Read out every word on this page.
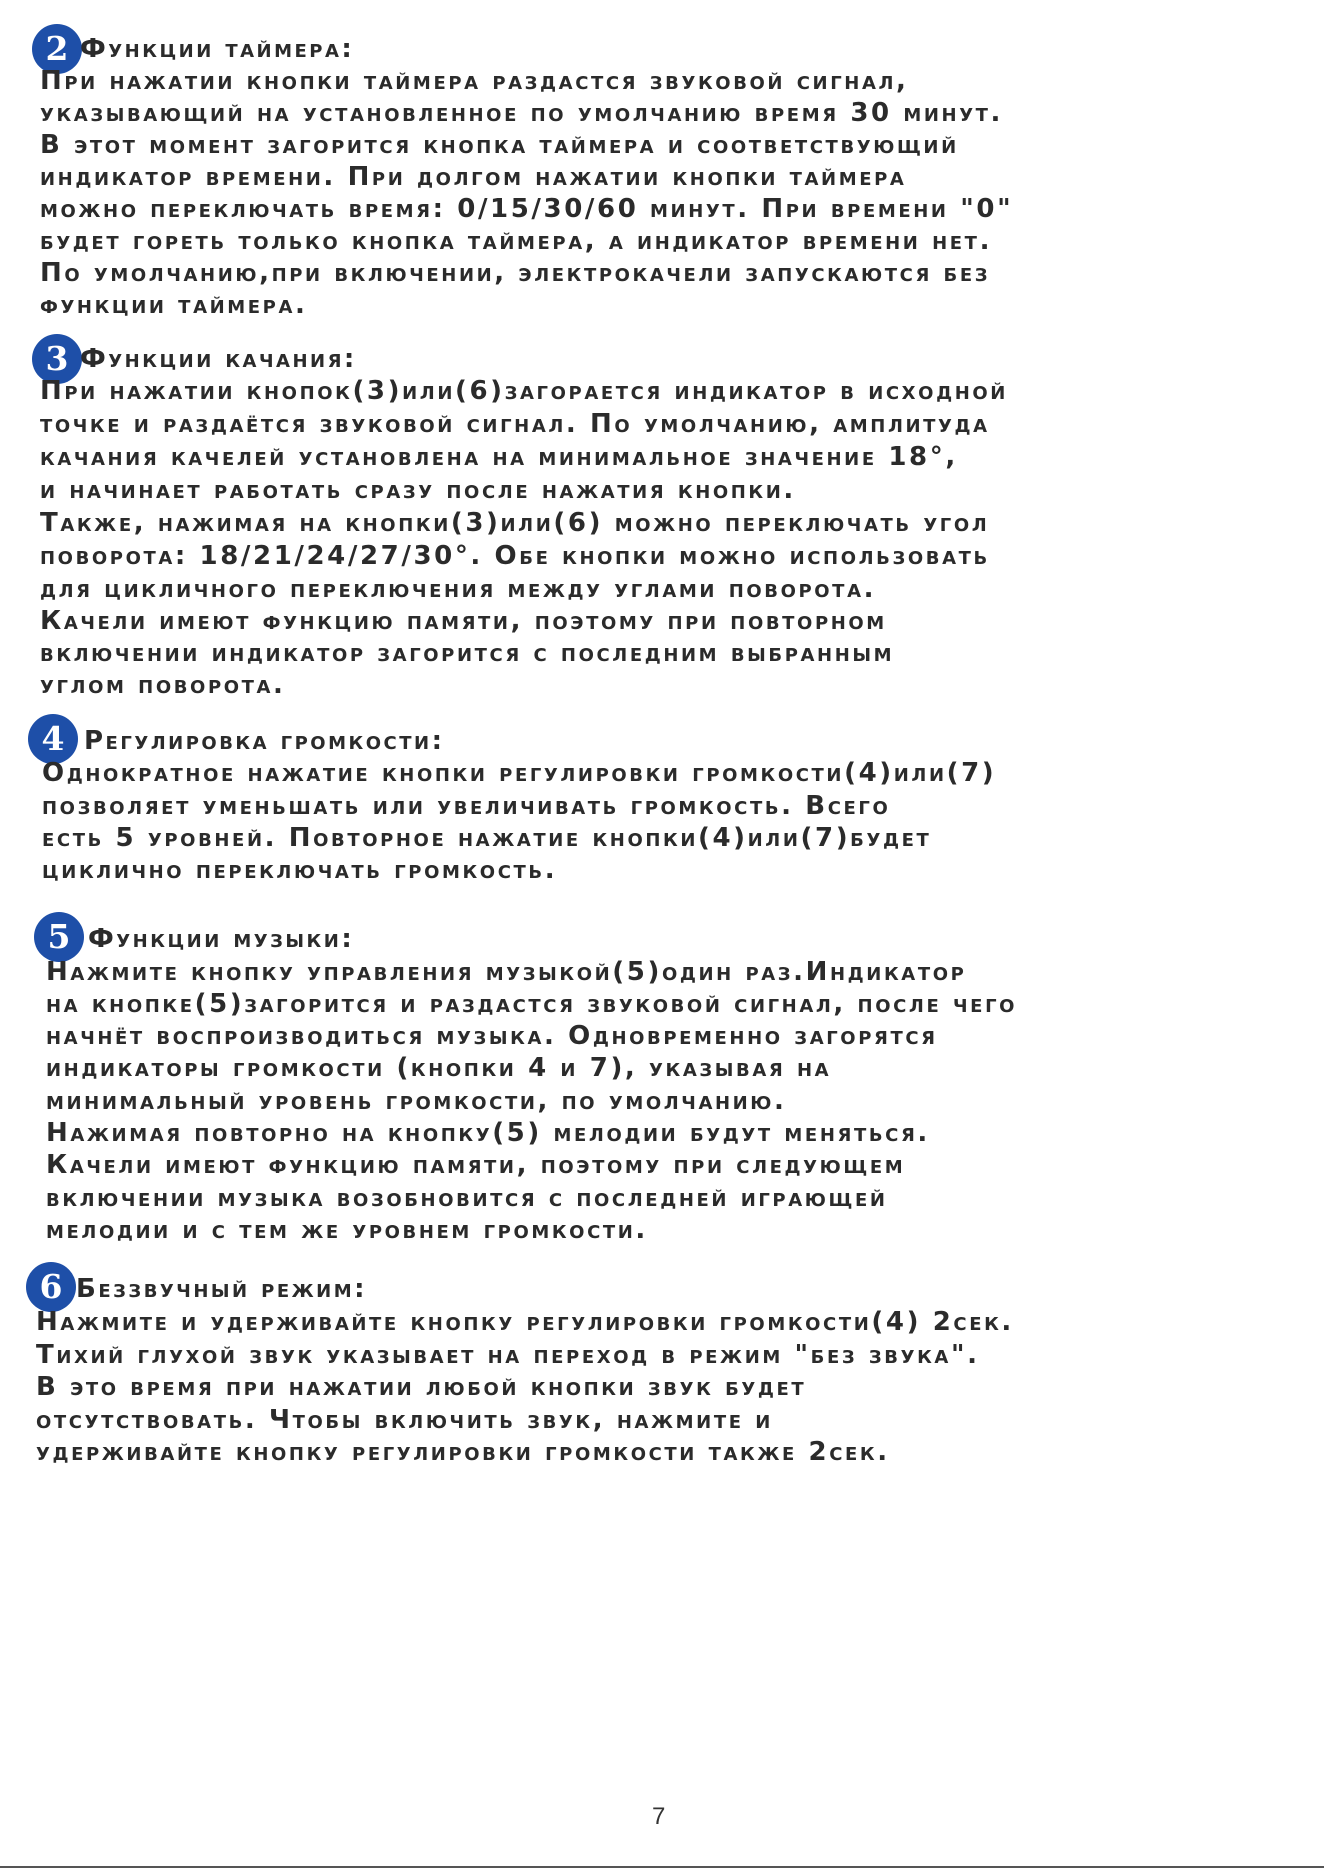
2 Функции таймера:
При нажатии кнопки таймера раздастся звуковой сигнал,
указывающий на установленное по умолчанию время 30 минут.
В этот момент загорится кнопка таймера и соответствующий
индикатор времени. При долгом нажатии кнопки таймера
можно переключать время: 0/15/30/60 минут. При времени "0"
будет гореть только кнопка таймера, а индикатор времени нет.
По умолчанию,при включении, электрокачели запускаются без
функции таймера.
3 Функции качания:
При нажатии кнопок(3)или(6)загорается индикатор в исходной
точке и раздаётся звуковой сигнал. По умолчанию, амплитуда
качания качелей установлена на минимальное значение 18°,
и начинает работать сразу после нажатия кнопки.
Также, нажимая на кнопки(3)или(6) можно переключать угол
поворота: 18/21/24/27/30°. Обе кнопки можно использовать
для цикличного переключения между углами поворота.
Качели имеют функцию памяти, поэтому при повторном
включении индикатор загорится с последним выбранным
углом поворота.
4 Регулировка громкости:
Однократное нажатие кнопки регулировки громкости(4)или(7)
позволяет уменьшать или увеличивать громкость. Всего
есть 5 уровней. Повторное нажатие кнопки(4)или(7)будет
циклично переключать громкость.
5 Функции музыки:
Нажмите кнопку управления музыкой(5)один раз.Индикатор
на кнопке(5)загорится и раздастся звуковой сигнал, после чего
начнёт воспроизводиться музыка. Одновременно загорятся
индикаторы громкости (кнопки 4 и 7), указывая на
минимальный уровень громкости, по умолчанию.
Нажимая повторно на кнопку(5) мелодии будут меняться.
Качели имеют функцию памяти, поэтому при следующем
включении музыка возобновится с последней играющей
мелодии и с тем же уровнем громкости.
6 Беззвучный режим:
Нажмите и удерживайте кнопку регулировки громкости(4) 2сек.
Тихий глухой звук указывает на переход в режим "без звука".
В это время при нажатии любой кнопки звук будет
отсутствовать. Чтобы включить звук, нажмите и
удерживайте кнопку регулировки громкости также 2сек.
7
